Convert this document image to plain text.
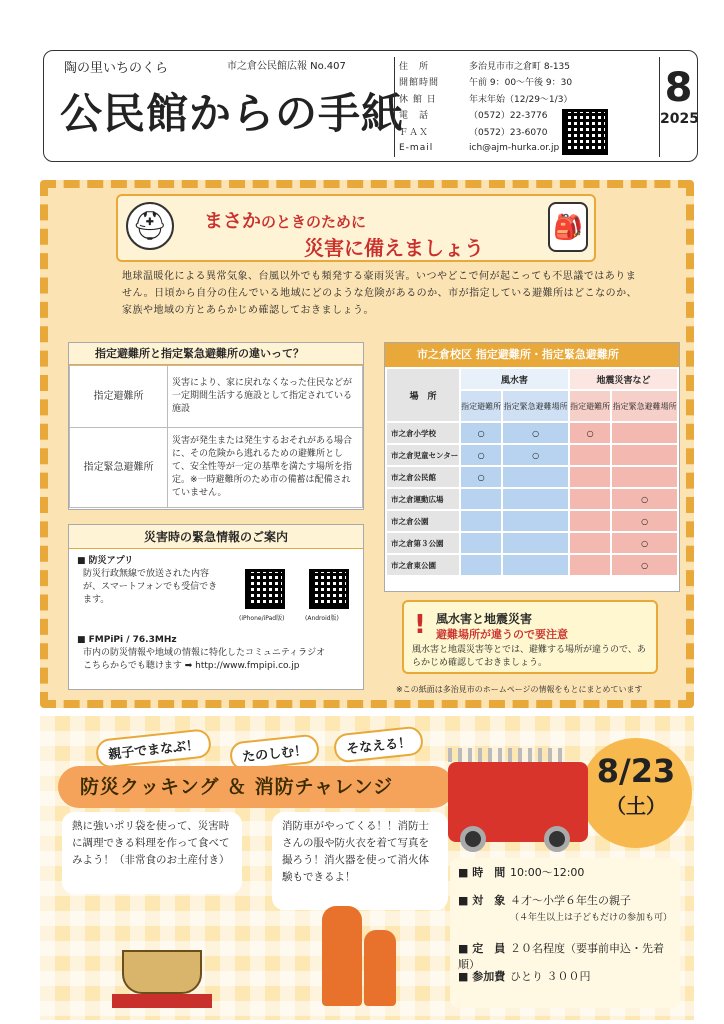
陶の里いちのくら	市之倉公民館広報 No.407
公民館からの手紙
住　所	多治見市市之倉町 8-135
開館時間	午前 9：00～午後 9：30
休 館 日	年末年始（12/29～1/3）
電　話	（0572）22-3776
ＦＡＸ	（0572）23-6070
E-mail	ich@ajm-hurka.or.jp
8
2025
まさかのときのために
災害に備えましょう
⛑	🎒
地球温暖化による異常気象、台風以外でも頻発する豪雨災害。いつやどこで何が起こっても不思議ではありません。日頃から自分の住んでいる地域にどのような危険があるのか、市が指定している避難所はどこなのか、家族や地域の方とあらかじめ確認しておきましょう。
指定避難所と指定緊急避難所の違いって？
指定避難所	災害により、家に戻れなくなった住民などが一定期間生活する施設として指定されている施設
指定緊急避難所	災害が発生または発生するおそれがある場合に、その危険から逃れるための避難所として、安全性等が一定の基準を満たす場所を指定。※一時避難所のため市の備蓄は配備されていません。
市之倉校区 指定避難所・指定緊急避難所
場　所	風水害		地震災害など	
	指定避難所	指定緊急避難場所	指定避難所	指定緊急避難場所
市之倉小学校	○	○	○	
市之倉児童センター	○	○		
市之倉公民館	○			
市之倉運動広場				○
市之倉公園				○
市之倉第３公園				○
市之倉東公園				○
! 風水害と地震災害
避難場所が違うので要注意
風水害と地震災害等とでは、避難する場所が違うので、あらかじめ確認しておきましょう。
※この紙面は多治見市のホームページの情報をもとにまとめています
災害時の緊急情報のご案内
■ 防災アプリ
防災行政無線で放送された内容が、スマートフォンでも受信できます。
(iPhone/iPad版)	(Android版)
■ FMPiPi / 76.3MHz
市内の防災情報や地域の情報に特化したコミュニティラジオ　こちらからでも聴けます ➡ http://www.fmpipi.co.jp
親子でまなぶ！	たのしむ！	そなえる！
防災クッキング ＆ 消防チャレンジ	8/23
（土）
熱に強いポリ袋を使って、災害時に調理できる料理を作って食べてみよう！（非常食のお土産付き）
消防車がやってくる！！消防士さんの服や防火衣を着て写真を撮ろう！消火器を使って消火体験もできるよ！	■ 時　間 10:00～12:00
■ 対　象 ４才～小学６年生の親子
（４年生以上は子どもだけの参加も可）
■ 定　員 ２０名程度（要事前申込・先着順）
■ 参加費 ひとり ３００円
